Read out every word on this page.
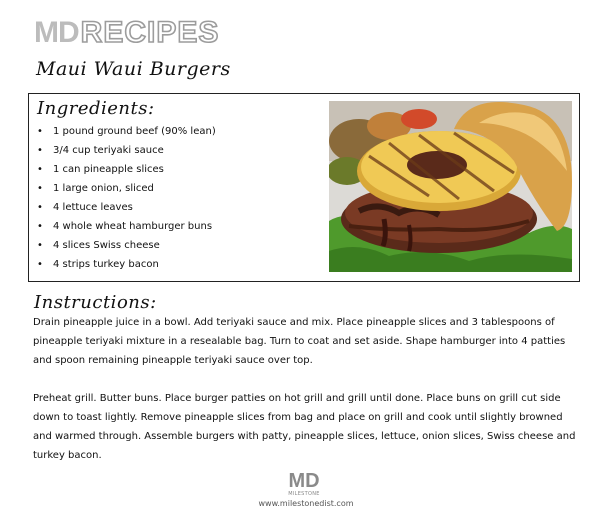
MD RECIPES
Maui Waui Burgers
Ingredients:
• 1 pound ground beef (90% lean)
• 3/4 cup teriyaki sauce
• 1 can pineapple slices
• 1 large onion, sliced
• 4 lettuce leaves
• 4 whole wheat hamburger buns
• 4 slices Swiss cheese
• 4 strips turkey bacon
Instructions:

Drain pineapple juice in a bowl. Add teriyaki sauce and mix. Place pineapple slices and 3 tablespoons of pineapple teriyaki mixture in a resealable bag. Turn to coat and set aside. Shape hamburger into 4 patties and spoon remaining pineapple teriyaki sauce over top.

Preheat grill. Butter buns. Place burger patties on hot grill and grill until done. Place buns on grill cut side down to toast lightly. Remove pineapple slices from bag and place on grill and cook until slightly browned and warmed through. Assemble burgers with patty, pineapple slices, lettuce, onion slices, Swiss cheese and turkey bacon.

MD
MILESTONE
www.milestonedist.com
